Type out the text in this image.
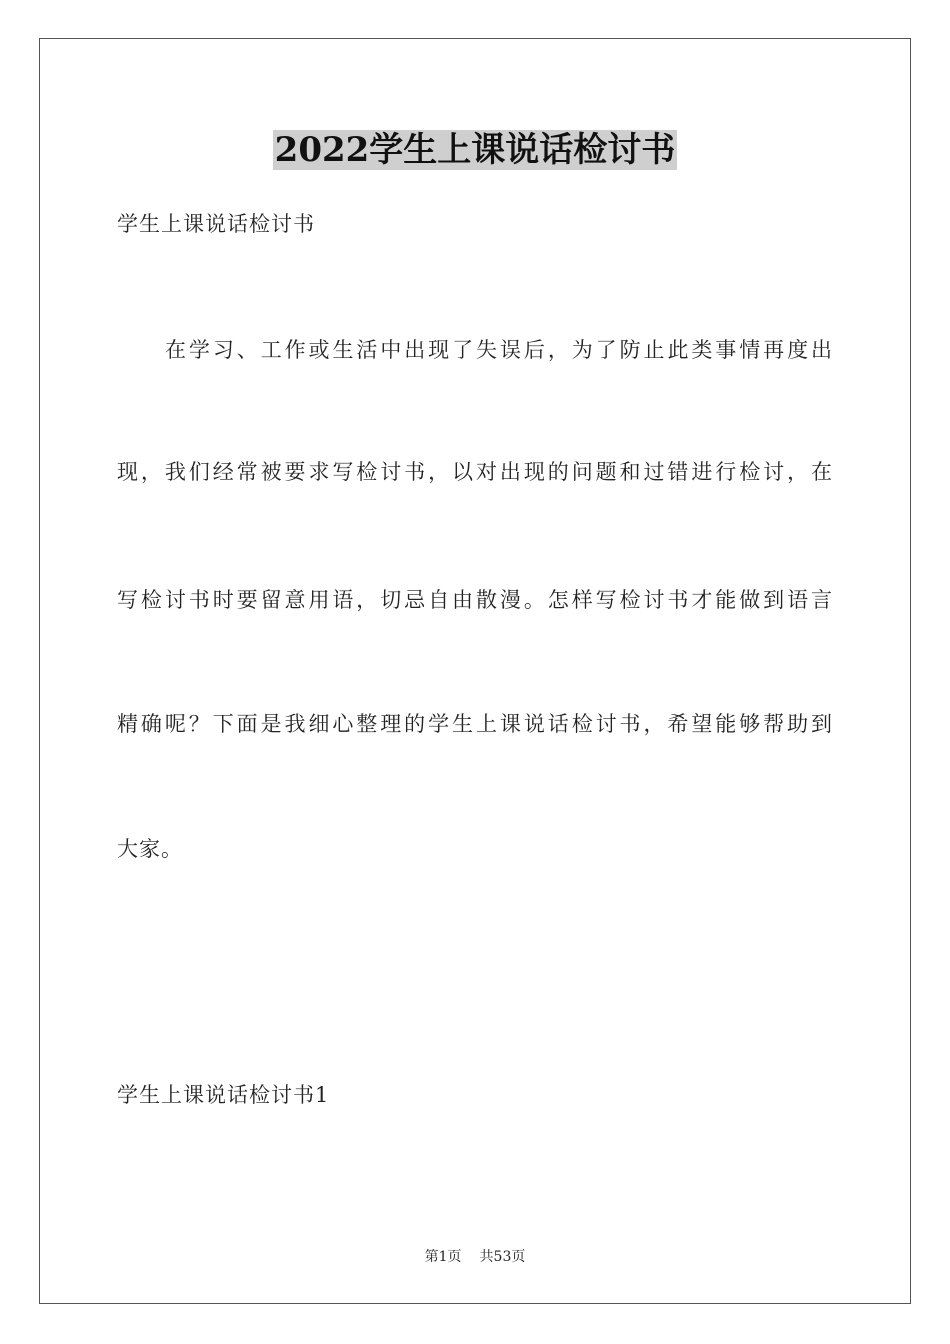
2022学生上课说话检讨书
学生上课说话检讨书
在学习、工作或生活中出现了失误后，为了防止此类事情再度出
现，我们经常被要求写检讨书，以对出现的问题和过错进行检讨，在
写检讨书时要留意用语，切忌自由散漫。怎样写检讨书才能做到语言
精确呢？下面是我细心整理的学生上课说话检讨书，希望能够帮助到
大家。
学生上课说话检讨书1
第1页 共53页
